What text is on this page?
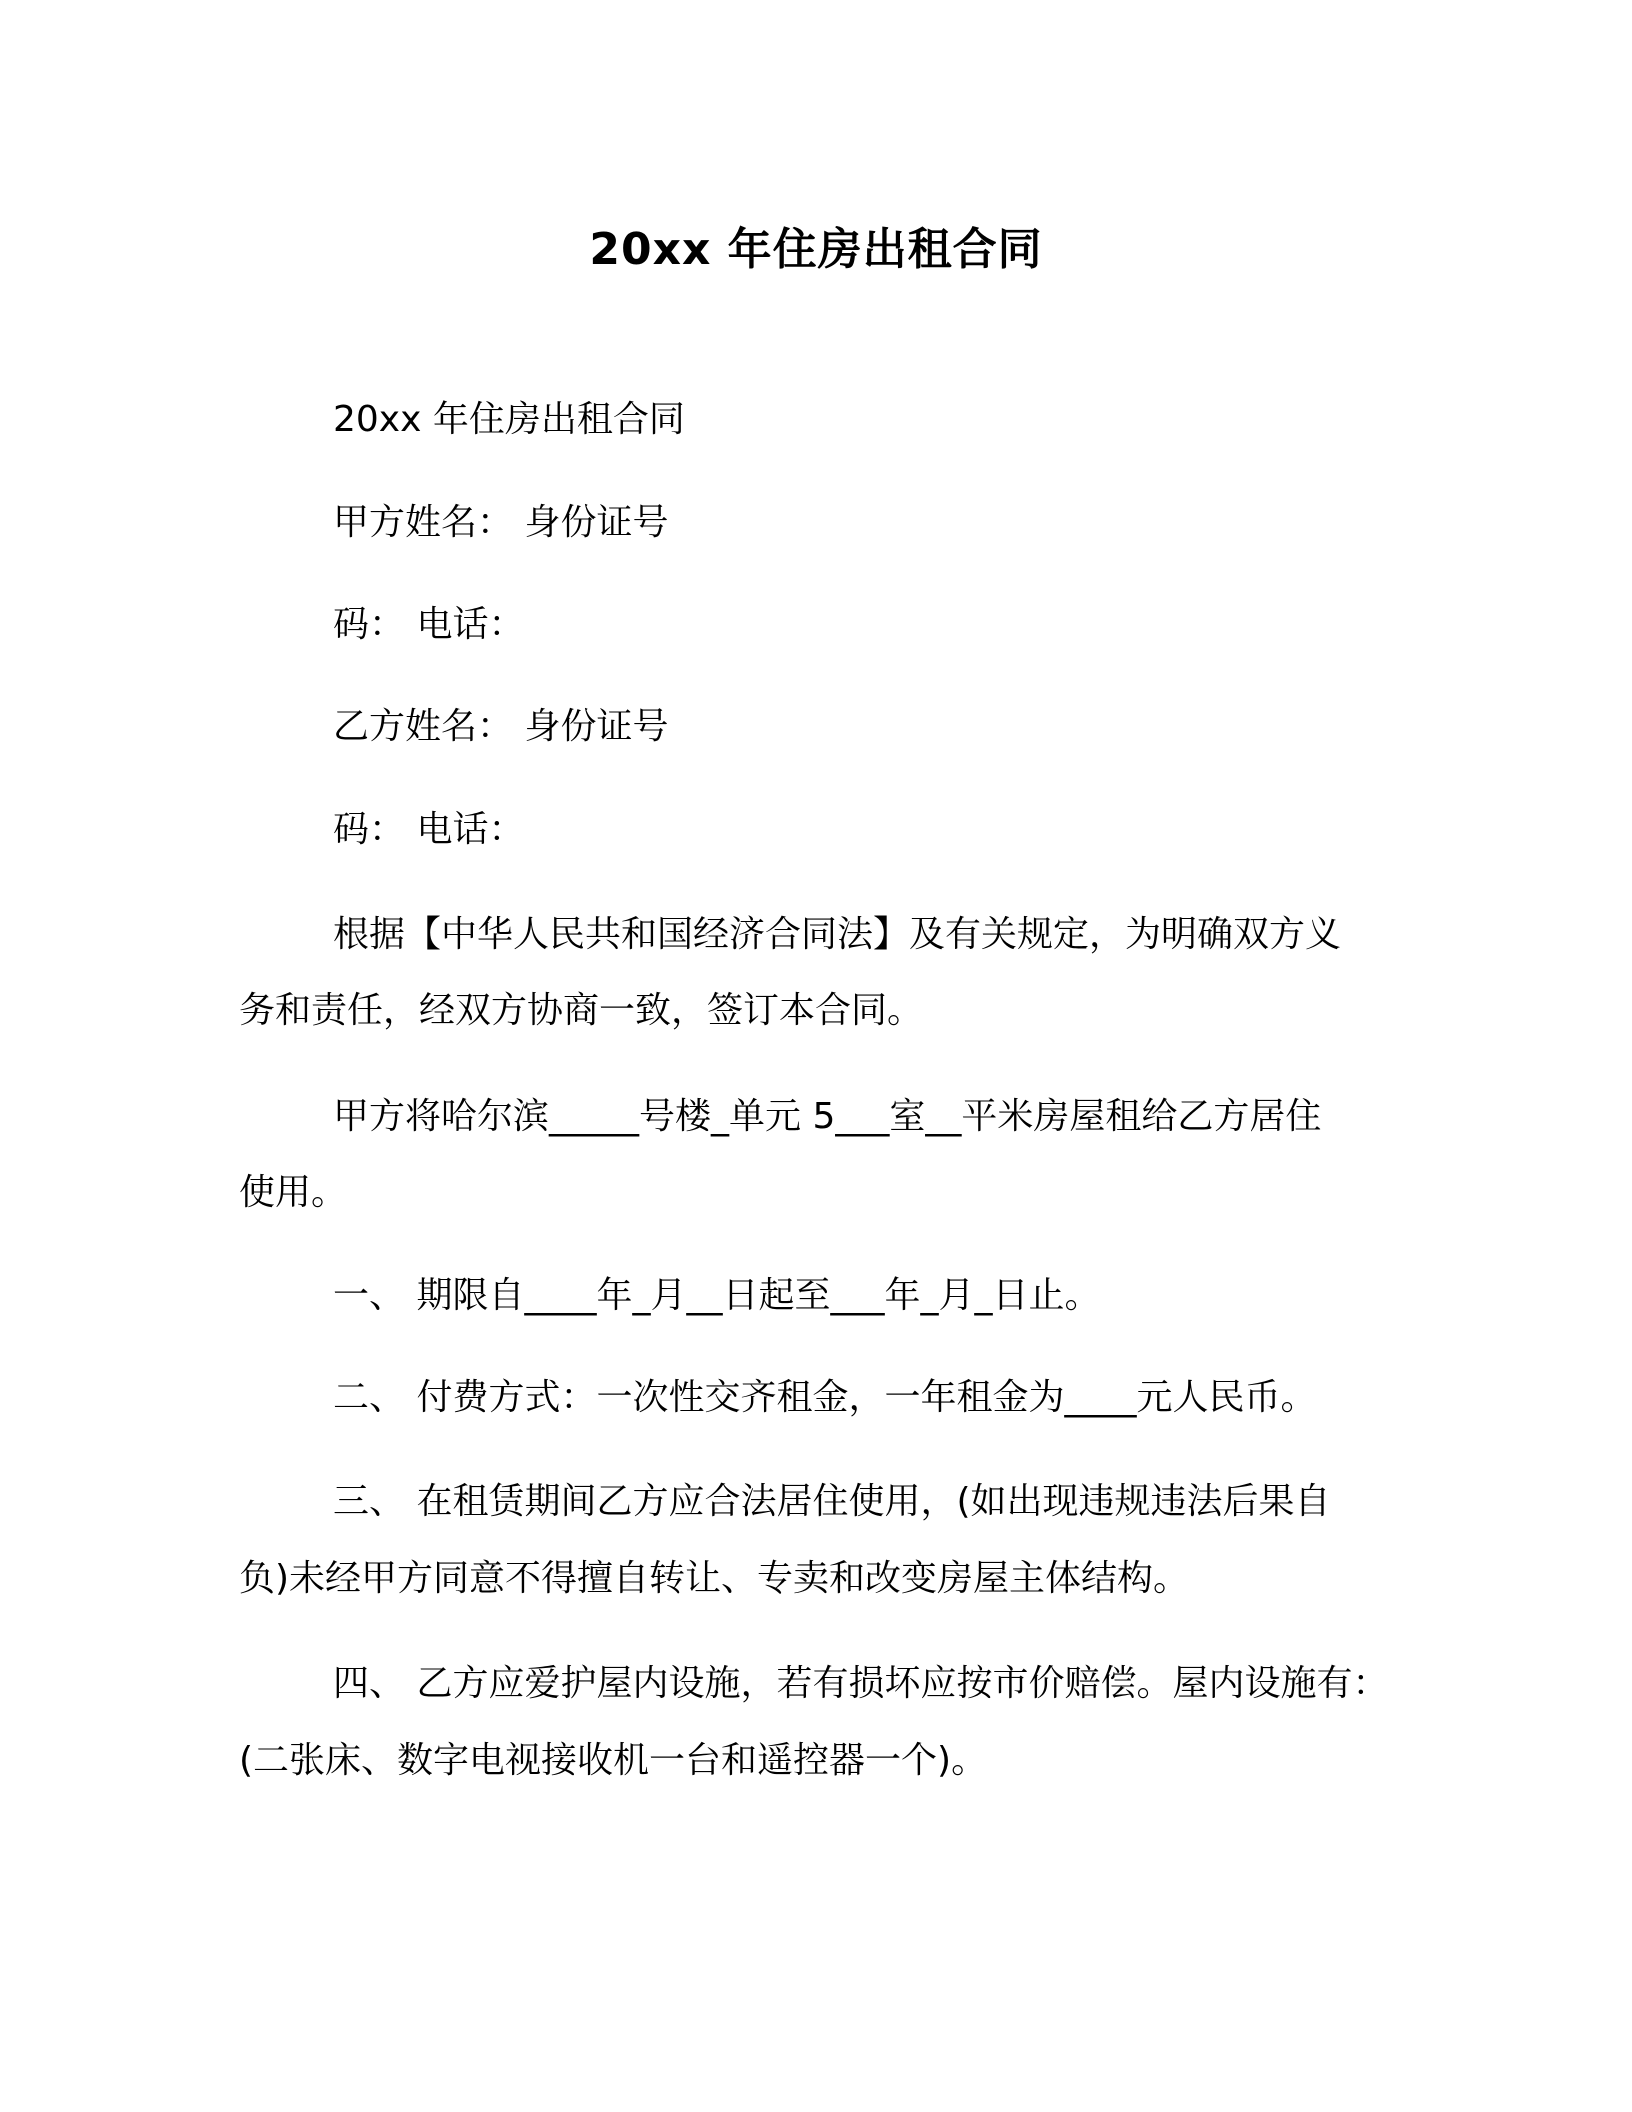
20xx 年住房出租合同
20xx 年住房出租合同
甲方姓名： 身份证号
码： 电话：
乙方姓名： 身份证号
码： 电话：
根据【中华人民共和国经济合同法】及有关规定，为明确双方义
务和责任，经双方协商一致，签订本合同。
甲方将哈尔滨_____号楼_单元 5___室__平米房屋租给乙方居住
使用。
一、 期限自____年_月__日起至___年_月_日止。
二、 付费方式：一次性交齐租金，一年租金为____元人民币。
三、 在租赁期间乙方应合法居住使用，(如出现违规违法后果自
负)未经甲方同意不得擅自转让、专卖和改变房屋主体结构。
四、 乙方应爱护屋内设施，若有损坏应按市价赔偿。屋内设施有：
(二张床、数字电视接收机一台和遥控器一个)。
